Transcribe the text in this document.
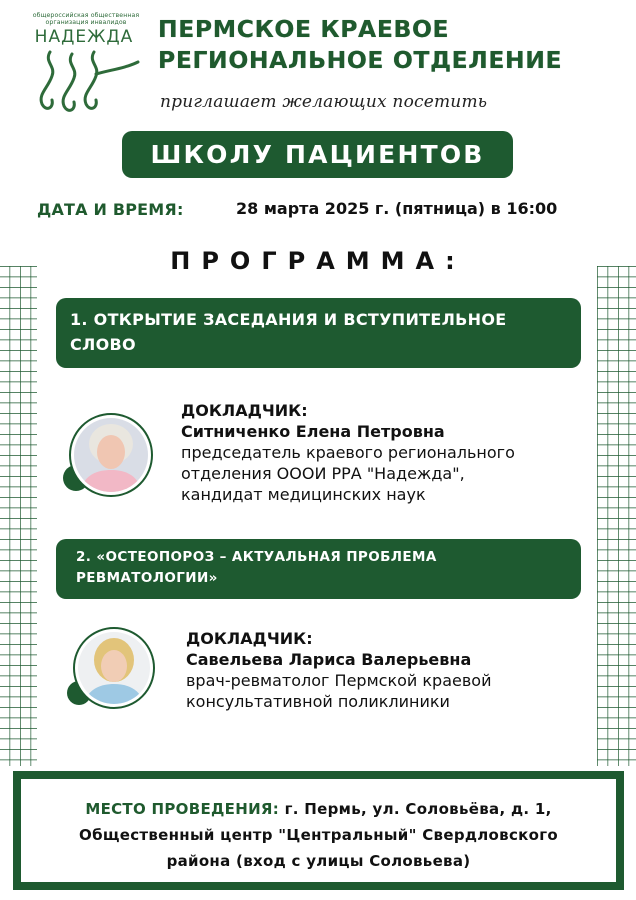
общероссийская общественная организация инвалидов
НАДЕЖДА ПЕРМСКОЕ КРАЕВОЕ
РЕГИОНАЛЬНОЕ ОТДЕЛЕНИЕ
приглашает желающих посетить
ШКОЛУ ПАЦИЕНТОВ
ДАТА И ВРЕМЯ:	28 марта 2025 г. (пятница) в 16:00
ПРОГРАММА:
1. ОТКРЫТИЕ ЗАСЕДАНИЯ И ВСТУПИТЕЛЬНОЕ СЛОВО
ДОКЛАДЧИК:
Ситниченко Елена Петровна
председатель краевого регионального
отделения ОООИ РРА "Надежда",
кандидат медицинских наук
2. «ОСТЕОПОРОЗ – АКТУАЛЬНАЯ ПРОБЛЕМА РЕВМАТОЛОГИИ»
ДОКЛАДЧИК:
Савельева Лариса Валерьевна
врач-ревматолог Пермской краевой
консультативной поликлиники
МЕСТО ПРОВЕДЕНИЯ: г. Пермь, ул. Соловьёва, д. 1,
Общественный центр "Центральный" Свердловского
района (вход с улицы Соловьева)
